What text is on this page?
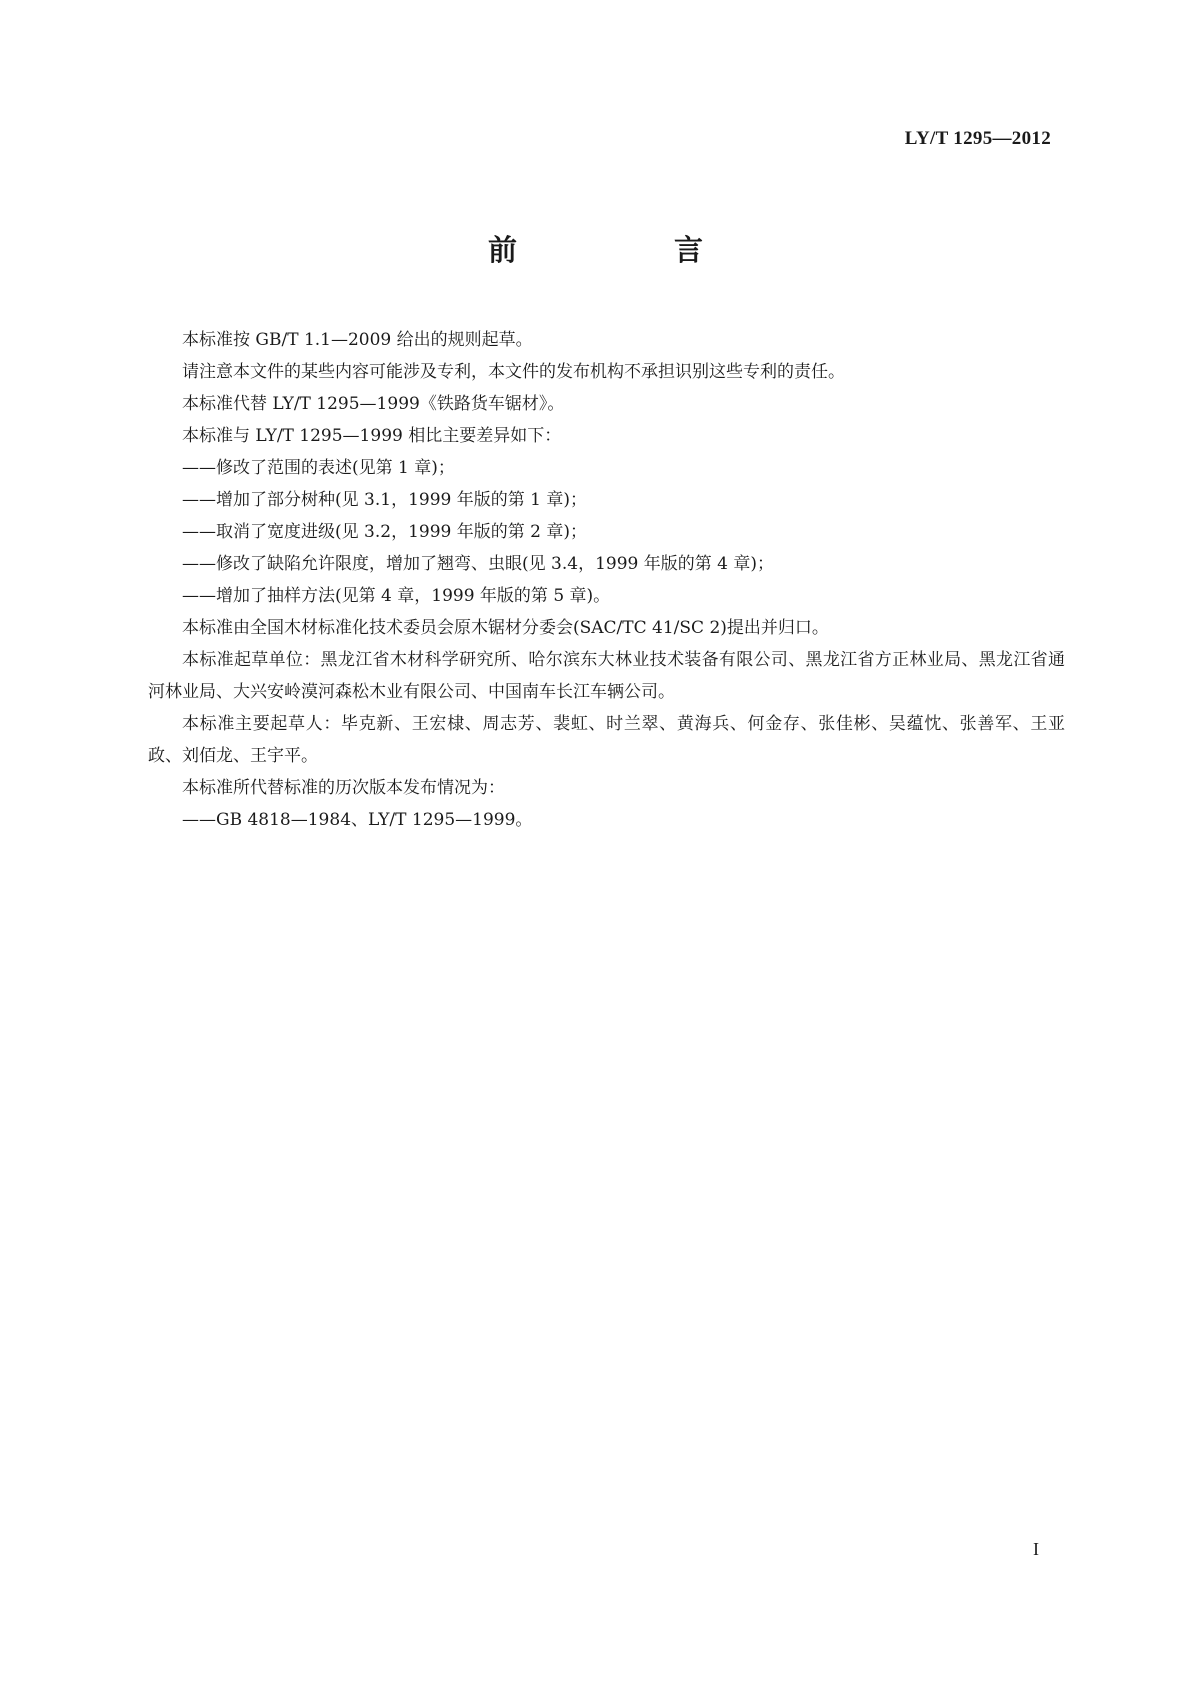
LY/T 1295—2012
前　言

本标准按 GB/T 1.1—2009 给出的规则起草。

请注意本文件的某些内容可能涉及专利，本文件的发布机构不承担识别这些专利的责任。

本标准代替 LY/T 1295—1999《铁路货车锯材》。

本标准与 LY/T 1295—1999 相比主要差异如下：

——修改了范围的表述(见第 1 章)；

——增加了部分树种(见 3.1，1999 年版的第 1 章)；

——取消了宽度进级(见 3.2，1999 年版的第 2 章)；

——修改了缺陷允许限度，增加了翘弯、虫眼(见 3.4，1999 年版的第 4 章)；

——增加了抽样方法(见第 4 章，1999 年版的第 5 章)。

本标准由全国木材标准化技术委员会原木锯材分委会(SAC/TC 41/SC 2)提出并归口。

本标准起草单位：黑龙江省木材科学研究所、哈尔滨东大林业技术装备有限公司、黑龙江省方正林业局、黑龙江省通河林业局、大兴安岭漠河森松木业有限公司、中国南车长江车辆公司。

本标准主要起草人：毕克新、王宏棣、周志芳、裴虹、时兰翠、黄海兵、何金存、张佳彬、吴蕴忱、张善军、王亚政、刘佰龙、王宇平。

本标准所代替标准的历次版本发布情况为：

——GB 4818—1984、LY/T 1295—1999。

I
